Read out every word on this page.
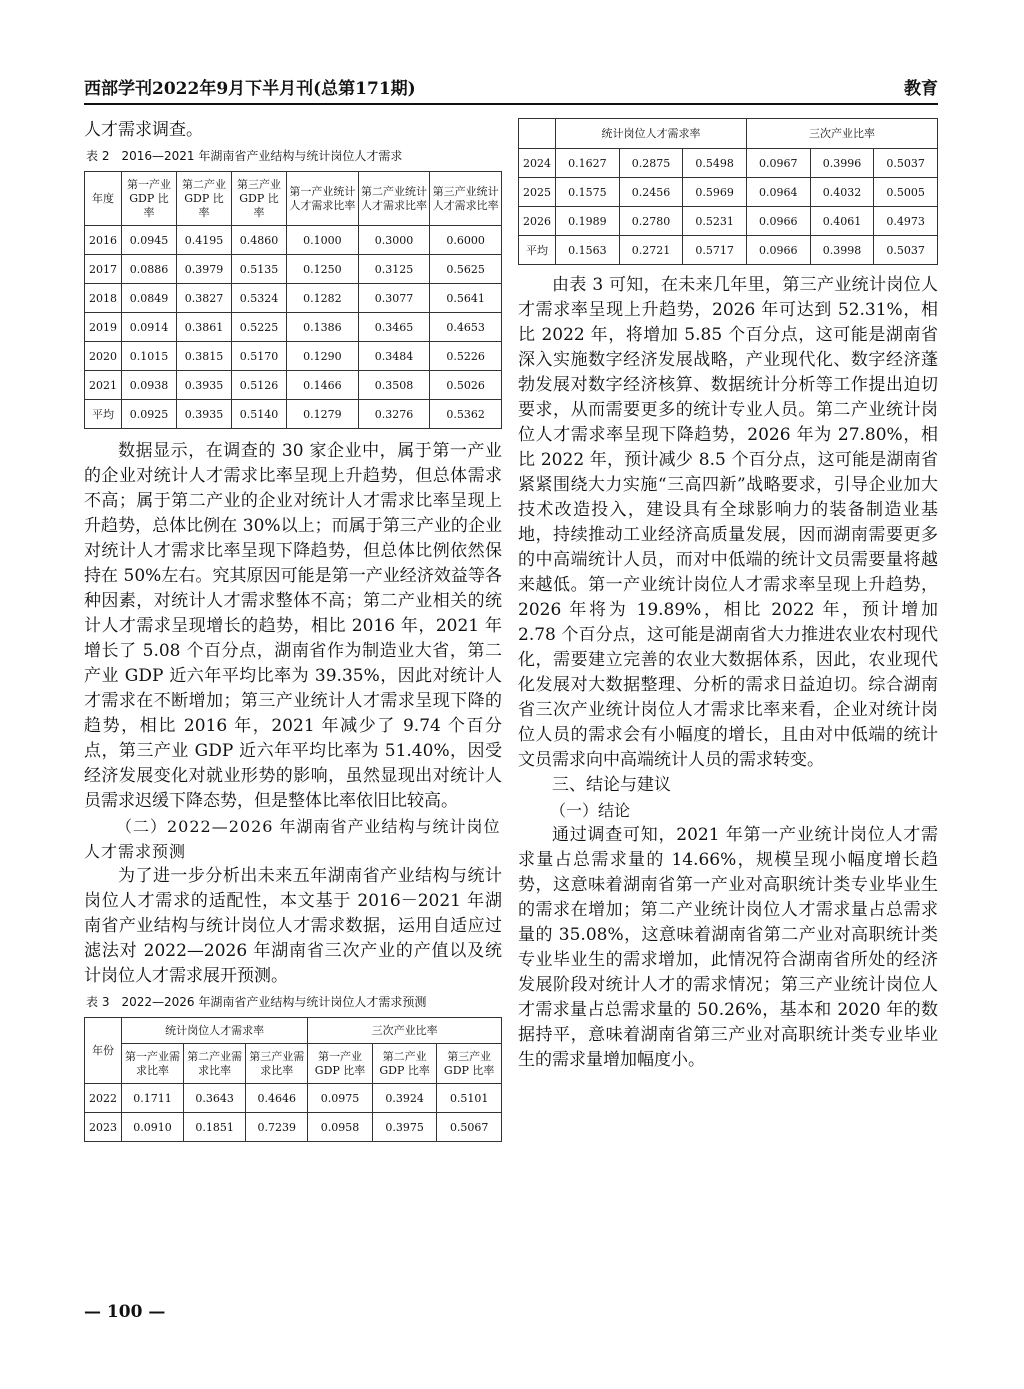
西部学刊2022年9月下半月刊(总第171期)	教育

人才需求调查。

表 2　2016—2021 年湖南省产业结构与统计岗位人才需求
年度	第一产业GDP 比率	第二产业GDP 比率	第三产业GDP 比率	第一产业统计人才需求比率	第二产业统计人才需求比率	第三产业统计人才需求比率
2016	0.0945	0.4195	0.4860	0.1000	0.3000	0.6000
2017	0.0886	0.3979	0.5135	0.1250	0.3125	0.5625
2018	0.0849	0.3827	0.5324	0.1282	0.3077	0.5641
2019	0.0914	0.3861	0.5225	0.1386	0.3465	0.4653
2020	0.1015	0.3815	0.5170	0.1290	0.3484	0.5226
2021	0.0938	0.3935	0.5126	0.1466	0.3508	0.5026
平均	0.0925	0.3935	0.5140	0.1279	0.3276	0.5362

数据显示，在调查的 30 家企业中，属于第一产业的企业对统计人才需求比率呈现上升趋势，但总体需求不高；属于第二产业的企业对统计人才需求比率呈现上升趋势，总体比例在 30%以上；而属于第三产业的企业对统计人才需求比率呈现下降趋势，但总体比例依然保持在 50%左右。究其原因可能是第一产业经济效益等各种因素，对统计人才需求整体不高；第二产业相关的统计人才需求呈现增长的趋势，相比 2016 年，2021 年增长了 5.08 个百分点，湖南省作为制造业大省，第二产业 GDP 近六年平均比率为 39.35%，因此对统计人才需求在不断增加；第三产业统计人才需求呈现下降的趋势，相比 2016 年，2021 年减少了 9.74 个百分点，第三产业 GDP 近六年平均比率为 51.40%，因受经济发展变化对就业形势的影响，虽然显现出对统计人员需求迟缓下降态势，但是整体比率依旧比较高。

（二）2022—2026 年湖南省产业结构与统计岗位人才需求预测

为了进一步分析出未来五年湖南省产业结构与统计岗位人才需求的适配性，本文基于 2016－2021 年湖南省产业结构与统计岗位人才需求数据，运用自适应过滤法对 2022—2026 年湖南省三次产业的产值以及统计岗位人才需求展开预测。

表 3　2022—2026 年湖南省产业结构与统计岗位人才需求预测
年份	统计岗位人才需求率			三次产业比率		
	第一产业需求比率	第二产业需求比率	第三产业需求比率	第一产业GDP 比率	第二产业GDP 比率	第三产业GDP 比率
2022	0.1711	0.3643	0.4646	0.0975	0.3924	0.5101
2023	0.0910	0.1851	0.7239	0.0958	0.3975	0.5067
	统计岗位人才需求率			三次产业比率		
2024	0.1627	0.2875	0.5498	0.0967	0.3996	0.5037
2025	0.1575	0.2456	0.5969	0.0964	0.4032	0.5005
2026	0.1989	0.2780	0.5231	0.0966	0.4061	0.4973
平均	0.1563	0.2721	0.5717	0.0966	0.3998	0.5037

由表 3 可知，在未来几年里，第三产业统计岗位人才需求率呈现上升趋势，2026 年可达到 52.31%，相比 2022 年，将增加 5.85 个百分点，这可能是湖南省深入实施数字经济发展战略，产业现代化、数字经济蓬勃发展对数字经济核算、数据统计分析等工作提出迫切要求，从而需要更多的统计专业人员。第二产业统计岗位人才需求率呈现下降趋势，2026 年为 27.80%，相比 2022 年，预计减少 8.5 个百分点，这可能是湖南省紧紧围绕大力实施“三高四新”战略要求，引导企业加大技术改造投入，建设具有全球影响力的装备制造业基地，持续推动工业经济高质量发展，因而湖南需要更多的中高端统计人员，而对中低端的统计文员需要量将越来越低。第一产业统计岗位人才需求率呈现上升趋势，2026 年将为 19.89%，相比 2022 年，预计增加 2.78 个百分点，这可能是湖南省大力推进农业农村现代化，需要建立完善的农业大数据体系，因此，农业现代化发展对大数据整理、分析的需求日益迫切。综合湖南省三次产业统计岗位人才需求比率来看，企业对统计岗位人员的需求会有小幅度的增长，且由对中低端的统计文员需求向中高端统计人员的需求转变。

三、结论与建议

（一）结论

通过调查可知，2021 年第一产业统计岗位人才需求量占总需求量的 14.66%，规模呈现小幅度增长趋势，这意味着湖南省第一产业对高职统计类专业毕业生的需求在增加；第二产业统计岗位人才需求量占总需求量的 35.08%，这意味着湖南省第二产业对高职统计类专业毕业生的需求增加，此情况符合湖南省所处的经济发展阶段对统计人才的需求情况；第三产业统计岗位人才需求量占总需求量的 50.26%，基本和 2020 年的数据持平，意味着湖南省第三产业对高职统计类专业毕业生的需求量增加幅度小。

— 100 —
